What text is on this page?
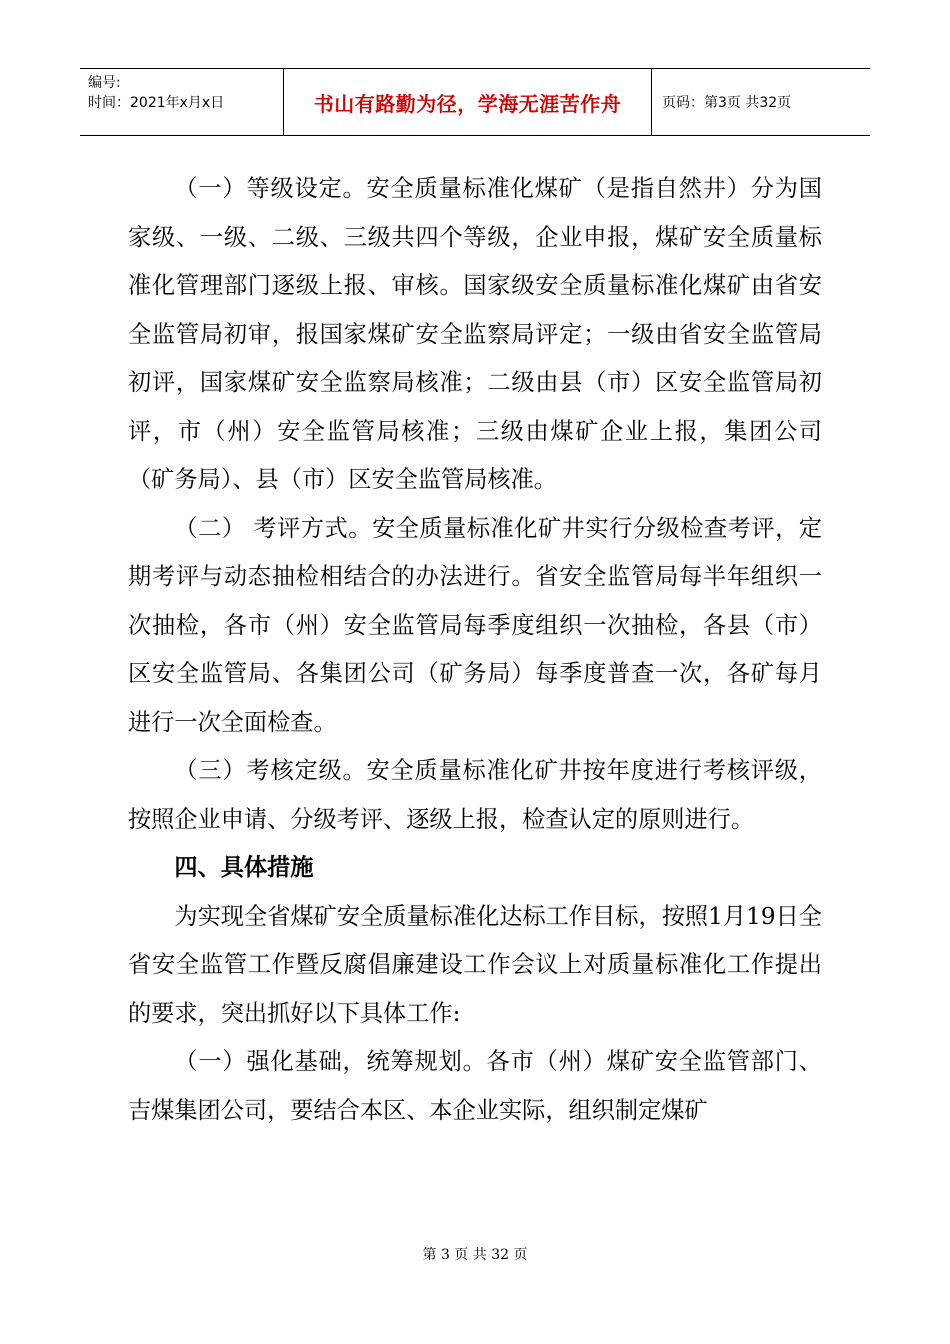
编号:
时间：2021年x月x日	书山有路勤为径，学海无涯苦作舟	页码：第3页 共32页

（一）等级设定。安全质量标准化煤矿（是指自然井）分为国家级、一级、二级、三级共四个等级，企业申报，煤矿安全质量标准化管理部门逐级上报、审核。国家级安全质量标准化煤矿由省安全监管局初审，报国家煤矿安全监察局评定；一级由省安全监管局初评，国家煤矿安全监察局核准；二级由县（市）区安全监管局初评，市（州）安全监管局核准；三级由煤矿企业上报，集团公司（矿务局）、县（市）区安全监管局核准。

（二） 考评方式。安全质量标准化矿井实行分级检查考评，定期考评与动态抽检相结合的办法进行。省安全监管局每半年组织一次抽检，各市（州）安全监管局每季度组织一次抽检，各县（市）区安全监管局、各集团公司（矿务局）每季度普查一次，各矿每月进行一次全面检查。

（三）考核定级。安全质量标准化矿井按年度进行考核评级，按照企业申请、分级考评、逐级上报，检查认定的原则进行。

四、具体措施

为实现全省煤矿安全质量标准化达标工作目标，按照1月19日全省安全监管工作暨反腐倡廉建设工作会议上对质量标准化工作提出的要求，突出抓好以下具体工作:

（一）强化基础，统筹规划。各市（州）煤矿安全监管部门、吉煤集团公司，要结合本区、本企业实际，组织制定煤矿

第 3 页 共 32 页
